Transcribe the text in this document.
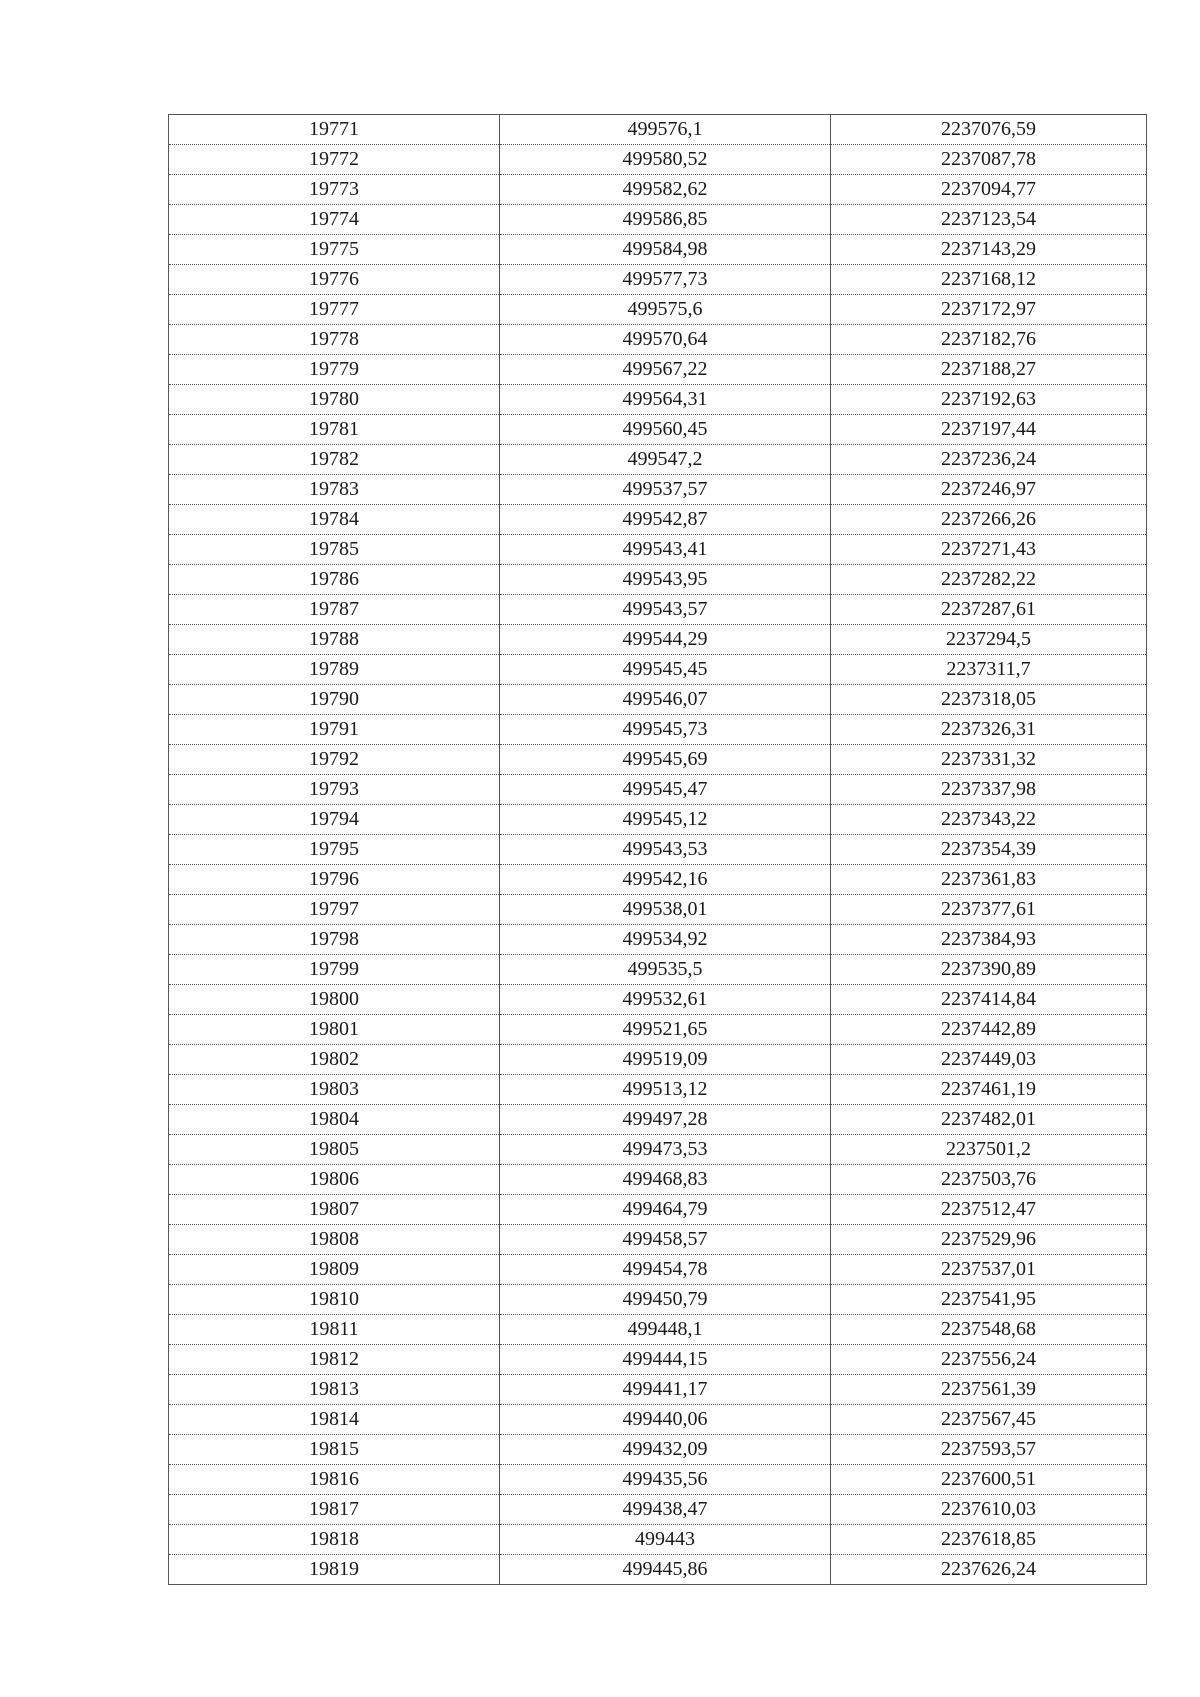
19771	499576,1	2237076,59
19772	499580,52	2237087,78
19773	499582,62	2237094,77
19774	499586,85	2237123,54
19775	499584,98	2237143,29
19776	499577,73	2237168,12
19777	499575,6	2237172,97
19778	499570,64	2237182,76
19779	499567,22	2237188,27
19780	499564,31	2237192,63
19781	499560,45	2237197,44
19782	499547,2	2237236,24
19783	499537,57	2237246,97
19784	499542,87	2237266,26
19785	499543,41	2237271,43
19786	499543,95	2237282,22
19787	499543,57	2237287,61
19788	499544,29	2237294,5
19789	499545,45	2237311,7
19790	499546,07	2237318,05
19791	499545,73	2237326,31
19792	499545,69	2237331,32
19793	499545,47	2237337,98
19794	499545,12	2237343,22
19795	499543,53	2237354,39
19796	499542,16	2237361,83
19797	499538,01	2237377,61
19798	499534,92	2237384,93
19799	499535,5	2237390,89
19800	499532,61	2237414,84
19801	499521,65	2237442,89
19802	499519,09	2237449,03
19803	499513,12	2237461,19
19804	499497,28	2237482,01
19805	499473,53	2237501,2
19806	499468,83	2237503,76
19807	499464,79	2237512,47
19808	499458,57	2237529,96
19809	499454,78	2237537,01
19810	499450,79	2237541,95
19811	499448,1	2237548,68
19812	499444,15	2237556,24
19813	499441,17	2237561,39
19814	499440,06	2237567,45
19815	499432,09	2237593,57
19816	499435,56	2237600,51
19817	499438,47	2237610,03
19818	499443	2237618,85
19819	499445,86	2237626,24
